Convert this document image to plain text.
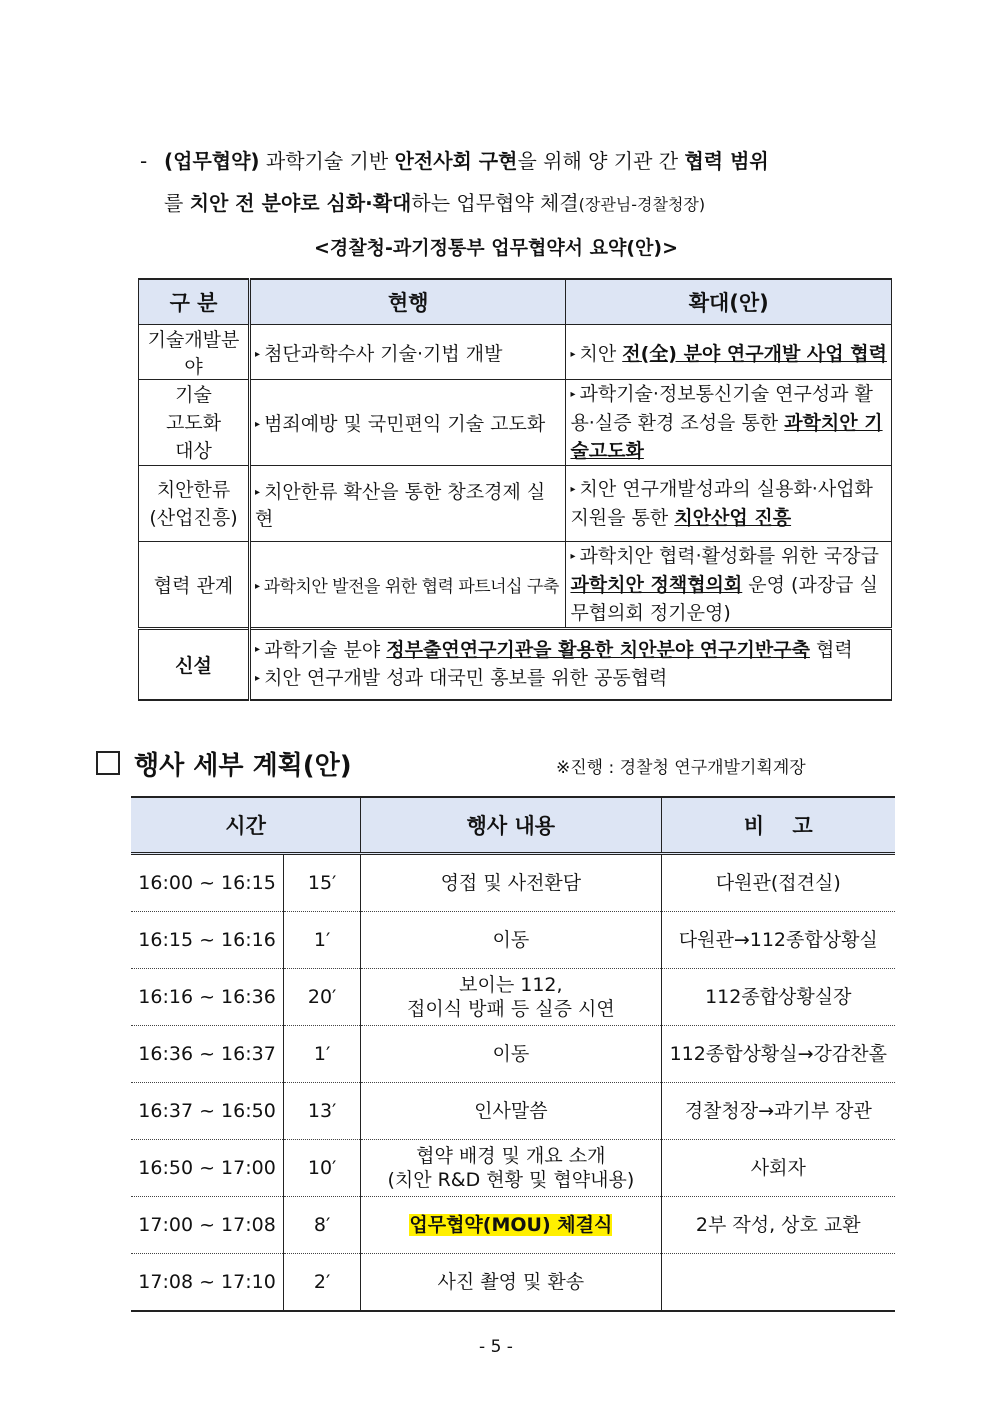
- (업무협약) 과학기술 기반 안전사회 구현을 위해 양 기관 간 협력 범위
를 치안 전 분야로 심화·확대하는 업무협약 체결(장관님-경찰청장)
<경찰청-과기정통부 업무협약서 요약(안)>
구 분	현행	확대(안)
기술개발분야	▸ 첨단과학수사 기술·기법 개발	▸ 치안 전(全) 분야 연구개발 사업 협력

기술
고도화
대상	▸ 범죄예방 및 국민편익 기술 고도화	▸ 과학기술·정보통신기술 연구성과 활용·실증 환경 조성을 통한 과학치안 기술고도화

치안한류
(산업진흥)	▸ 치안한류 확산을 통한 창조경제 실현	▸ 치안 연구개발성과의 실용화·사업화 지원을 통한 치안산업 진흥
협력 관계	▸ 과학치안 발전을 위한 협력 파트너십 구축	▸ 과학치안 협력·활성화를 위한 국장급 과학치안 정책협의회 운영 (과장급 실무협의회 정기운영)
신설	▸ 과학기술 분야 정부출연연구기관을 활용한 치안분야 연구기반구축 협력
▸ 치안 연구개발 성과 대국민 홍보를 위한 공동협력	
행사 세부 계획(안)	※진행 : 경찰청 연구개발기획계장
시간		행사 내용	비　 고
16:00 ~ 16:15	15′	영접 및 사전환담	다원관(접견실)
16:15 ~ 16:16	1′	이동	다원관→112종합상황실
16:16 ~ 16:36	20′	보이는 112,
접이식 방패 등 실증 시연	112종합상황실장
16:36 ~ 16:37	1′	이동	112종합상황실→강감찬홀
16:37 ~ 16:50	13′	인사말씀	경찰청장→과기부 장관
16:50 ~ 17:00	10′	협약 배경 및 개요 소개
(치안 R&D 현황 및 협약내용)	사회자
17:00 ~ 17:08	8′	업무협약(MOU) 체결식	2부 작성, 상호 교환
17:08 ~ 17:10	2′	사진 촬영 및 환송	

- 5 -
